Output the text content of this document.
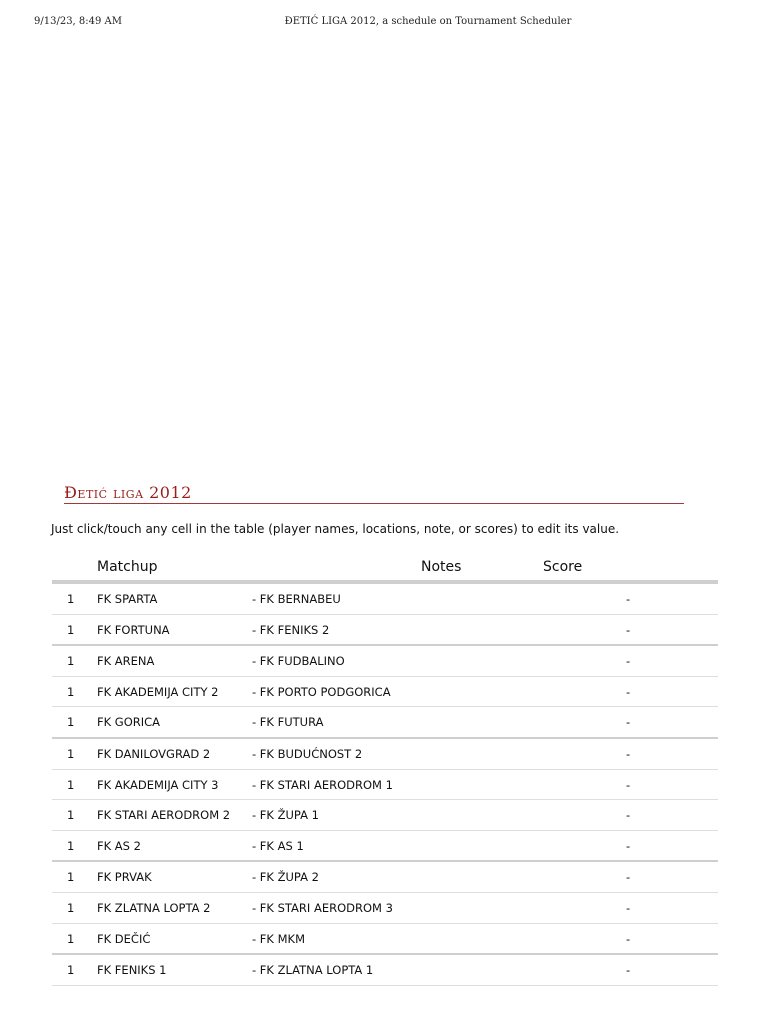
9/13/23, 8:49 AM	ĐETIĆ LIGA 2012, a schedule on Tournament Scheduler
Đetić liga 2012
Just click/touch any cell in the table (player names, locations, note, or scores) to edit its value.
Matchup	Notes	Score
1 FK SPARTA	- FK BERNABEU	-
1 FK FORTUNA	- FK FENIKS 2	-
1 FK ARENA	- FK FUDBALINO	-
1 FK AKADEMIJA CITY 2	- FK PORTO PODGORICA	-
1 FK GORICA	- FK FUTURA	-
1 FK DANILOVGRAD 2	- FK BUDUĆNOST 2	-
1 FK AKADEMIJA CITY 3	- FK STARI AERODROM 1	-
1 FK STARI AERODROM 2 - FK ŽUPA 1	-
1 FK AS 2	- FK AS 1	-
1 FK PRVAK	- FK ŽUPA 2	-
1 FK ZLATNA LOPTA 2	- FK STARI AERODROM 3	-
1 FK DEČIĆ	- FK MKM	-
1 FK FENIKS 1	- FK ZLATNA LOPTA 1	-
